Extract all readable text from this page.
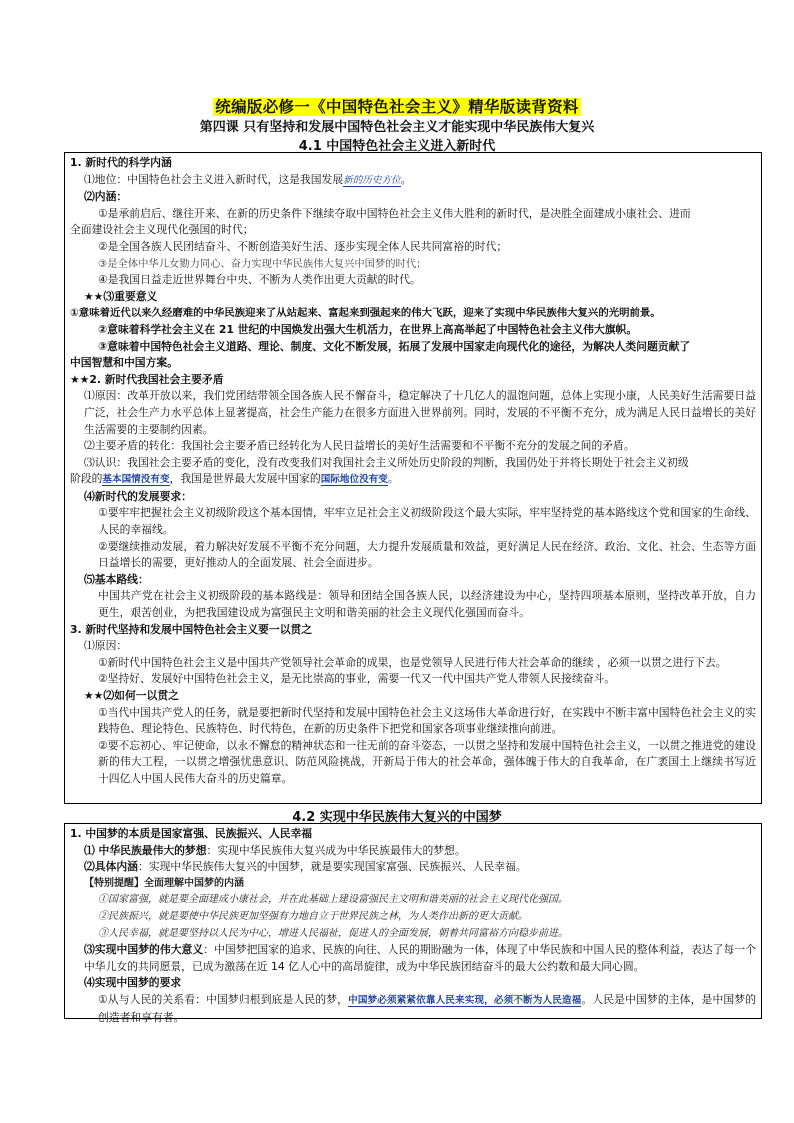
统编版必修一《中国特色社会主义》精华版读背资料
第四课 只有坚持和发展中国特色社会主义才能实现中华民族伟大复兴
4.1 中国特色社会主义进入新时代
1. 新时代的科学内涵
⑴地位：中国特色社会主义进入新时代，这是我国发展新的历史方位。
⑵内涵：
①是承前启后、继往开来、在新的历史条件下继续夺取中国特色社会主义伟大胜利的新时代，是决胜全面建成小康社会、进而
全面建设社会主义现代化强国的时代；
②是全国各族人民团结奋斗、不断创造美好生活、逐步实现全体人民共同富裕的时代；
③是全体中华儿女勠力同心、奋力实现中华民族伟大复兴中国梦的时代；
④是我国日益走近世界舞台中央、不断为人类作出更大贡献的时代。
★★⑶重要意义
①意味着近代以来久经磨难的中华民族迎来了从站起来、富起来到强起来的伟大飞跃，迎来了实现中华民族伟大复兴的光明前景。
②意味着科学社会主义在 21 世纪的中国焕发出强大生机活力，在世界上高高举起了中国特色社会主义伟大旗帜。
③意味着中国特色社会主义道路、理论、制度、文化不断发展，拓展了发展中国家走向现代化的途径，为解决人类问题贡献了
中国智慧和中国方案。
★★2. 新时代我国社会主要矛盾
⑴原因：改革开放以来，我们党团结带领全国各族人民不懈奋斗，稳定解决了十几亿人的温饱问题，总体上实现小康，人民美好生活需要日益广泛，社会生产力水平总体上显著提高，社会生产能力在很多方面进入世界前列。同时，发展的不平衡不充分，成为满足人民日益增长的美好生活需要的主要制约因素。
⑵主要矛盾的转化：我国社会主要矛盾已经转化为人民日益增长的美好生活需要和不平衡不充分的发展之间的矛盾。
⑶认识：我国社会主要矛盾的变化，没有改变我们对我国社会主义所处历史阶段的判断，我国仍处于并将长期处于社会主义初级
阶段的基本国情没有变，我国是世界最大发展中国家的国际地位没有变。
⑷新时代的发展要求：
①要牢牢把握社会主义初级阶段这个基本国情，牢牢立足社会主义初级阶段这个最大实际，牢牢坚持党的基本路线这个党和国家的生命线、人民的幸福线。
②要继续推动发展，着力解决好发展不平衡不充分问题，大力提升发展质量和效益，更好满足人民在经济、政治、文化、社会、生态等方面日益增长的需要，更好推动人的全面发展、社会全面进步。
⑸基本路线：
中国共产党在社会主义初级阶段的基本路线是：领导和团结全国各族人民，以经济建设为中心，坚持四项基本原则，坚持改革开放，自力更生，艰苦创业，为把我国建设成为富强民主文明和谐美丽的社会主义现代化强国而奋斗。
3. 新时代坚持和发展中国特色社会主义要一以贯之
⑴原因：
①新时代中国特色社会主义是中国共产党领导社会革命的成果，也是党领导人民进行伟大社会革命的继续 ，必须一以贯之进行下去。
②坚持好、发展好中国特色社会主义，是无比崇高的事业，需要一代又一代中国共产党人带领人民接续奋斗。
★★⑵如何一以贯之
①当代中国共产党人的任务，就是要把新时代坚持和发展中国特色社会主义这场伟大革命进行好，在实践中不断丰富中国特色社会主义的实践特色、理论特色、民族特色、时代特色，在新的历史条件下把党和国家各项事业继续推向前进。
②要不忘初心、牢记使命，以永不懈怠的精神状态和一往无前的奋斗姿态，一以贯之坚持和发展中国特色社会主义，一以贯之推进党的建设新的伟大工程，一以贯之增强忧患意识、防范风险挑战，开新局于伟大的社会革命，强体魄于伟大的自我革命，在广袤国土上继续书写近十四亿人中国人民伟大奋斗的历史篇章。
4.2 实现中华民族伟大复兴的中国梦
1. 中国梦的本质是国家富强、民族振兴、人民幸福
⑴ 中华民族最伟大的梦想：实现中华民族伟大复兴成为中华民族最伟大的梦想。
⑵具体内涵：实现中华民族伟大复兴的中国梦，就是要实现国家富强、民族振兴、人民幸福。
【特别提醒】全面理解中国梦的内涵
①国家富强，就是要全面建成小康社会，并在此基础上建设富强民主文明和谐美丽的社会主义现代化强国。
②民族振兴，就是要使中华民族更加坚强有力地自立于世界民族之林，为人类作出新的更大贡献。
③人民幸福，就是要坚持以人民为中心，增进人民福祉，促进人的全面发展，朝着共同富裕方向稳步前进。
⑶实现中国梦的伟大意义：中国梦把国家的追求、民族的向往、人民的期盼融为一体，体现了中华民族和中国人民的整体利益，表达了每一个中华儿女的共同愿景，已成为激荡在近 14 亿人心中的高昂旋律，成为中华民族团结奋斗的最大公约数和最大同心圆。
⑷实现中国梦的要求
①从与人民的关系看：中国梦归根到底是人民的梦，中国梦必须紧紧依靠人民来实现，必须不断为人民造福。人民是中国梦的主体，是中国梦的创造者和享有者。
